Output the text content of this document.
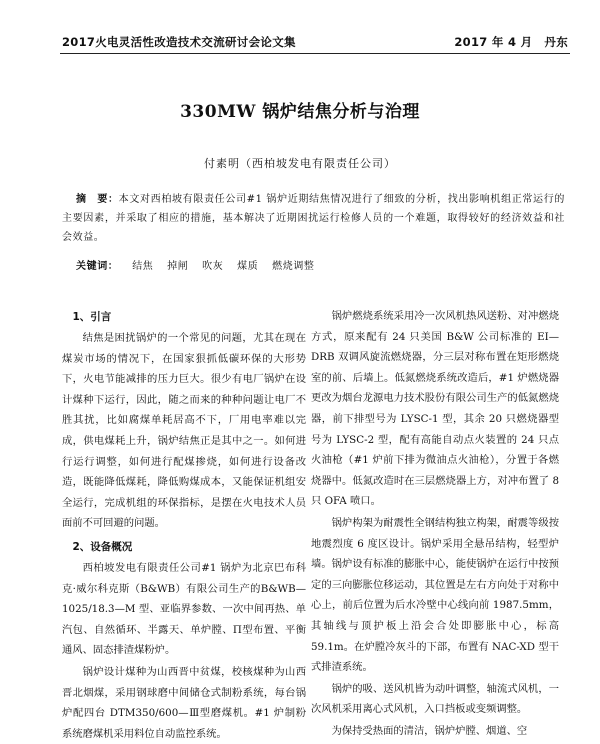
2017火电灵活性改造技术交流研讨会论文集	2017 年 4 月 丹东
330MW 锅炉结焦分析与治理
付素明（西柏坡发电有限责任公司）
摘　要：本文对西柏坡有限责任公司#1 锅炉近期结焦情况进行了细致的分析，找出影响机组正常运行的主要因素，并采取了相应的措施，基本解决了近期困扰运行检修人员的一个难题，取得较好的经济效益和社会效益。
关键词： 结焦 掉闸 吹灰 煤质 燃烧调整
1、引言

结焦是困扰锅炉的一个常见的问题，尤其在现在煤炭市场的情况下，在国家狠抓低碳环保的大形势下，火电节能减排的压力巨大。很少有电厂锅炉在设计煤种下运行，因此，随之而来的种种问题让电厂不胜其扰，比如腐煤单耗居高不下，厂用电率难以完成，供电煤耗上升，锅炉结焦正是其中之一。如何进行运行调整，如何进行配煤掺烧，如何进行设备改造，既能降低煤耗，降低购煤成本，又能保证机组安全运行，完成机组的环保指标，是摆在火电技术人员面前不可回避的问题。

2、设备概况

西柏坡发电有限责任公司#1 锅炉为北京巴布科克·威尔科克斯（B&WB）有限公司生产的B&WB—1025/18.3—M 型、亚临界参数、一次中间再热、单汽包、自然循环、半露天、单炉膛、Π型布置、平衡通风、固态排渣煤粉炉。

锅炉设计煤种为山西晋中贫煤，校核煤种为山西晋北烟煤，采用钢球磨中间储仓式制粉系统，每台锅炉配四台 DTM350/600—Ⅲ型磨煤机。#1 炉制粉系统磨煤机采用料位自动监控系统。

锅炉燃烧系统采用冷一次风机热风送粉、对冲燃烧方式，原来配有 24 只美国 B&W 公司标准的 EI—DRB 双调风旋流燃烧器，分三层对称布置在矩形燃烧室的前、后墙上。低氮燃烧系统改造后，#1 炉燃烧器更改为烟台龙源电力技术股份有限公司生产的低氮燃烧器，前下排型号为 LYSC-1 型，其余 20 只燃烧器型号为 LYSC-2 型，配有高能自动点火装置的 24 只点火油枪（#1 炉前下排为微油点火油枪），分置于各燃烧器中。低氮改造时在三层燃烧器上方，对冲布置了 8 只 OFA 喷口。

锅炉构架为耐震性全钢结构独立构架，耐震等级按地震烈度 6 度区设计。锅炉采用全悬吊结构，轻型炉墙。锅炉设有标准的膨胀中心，能使锅炉在运行中按预定的三向膨胀位移运动，其位置是左右方向处于对称中心上，前后位置为后水冷壁中心线向前 1987.5mm，其轴线与顶护板上沿会合处即膨胀中心，标高 59.1m。在炉膛冷灰斗的下部，布置有 NAC-XD 型干式排渣系统。

锅炉的吸、送风机皆为动叶调整，轴流式风机，一次风机采用离心式风机，入口挡板或变频调整。

为保持受热面的清洁，锅炉炉膛、烟道、空
